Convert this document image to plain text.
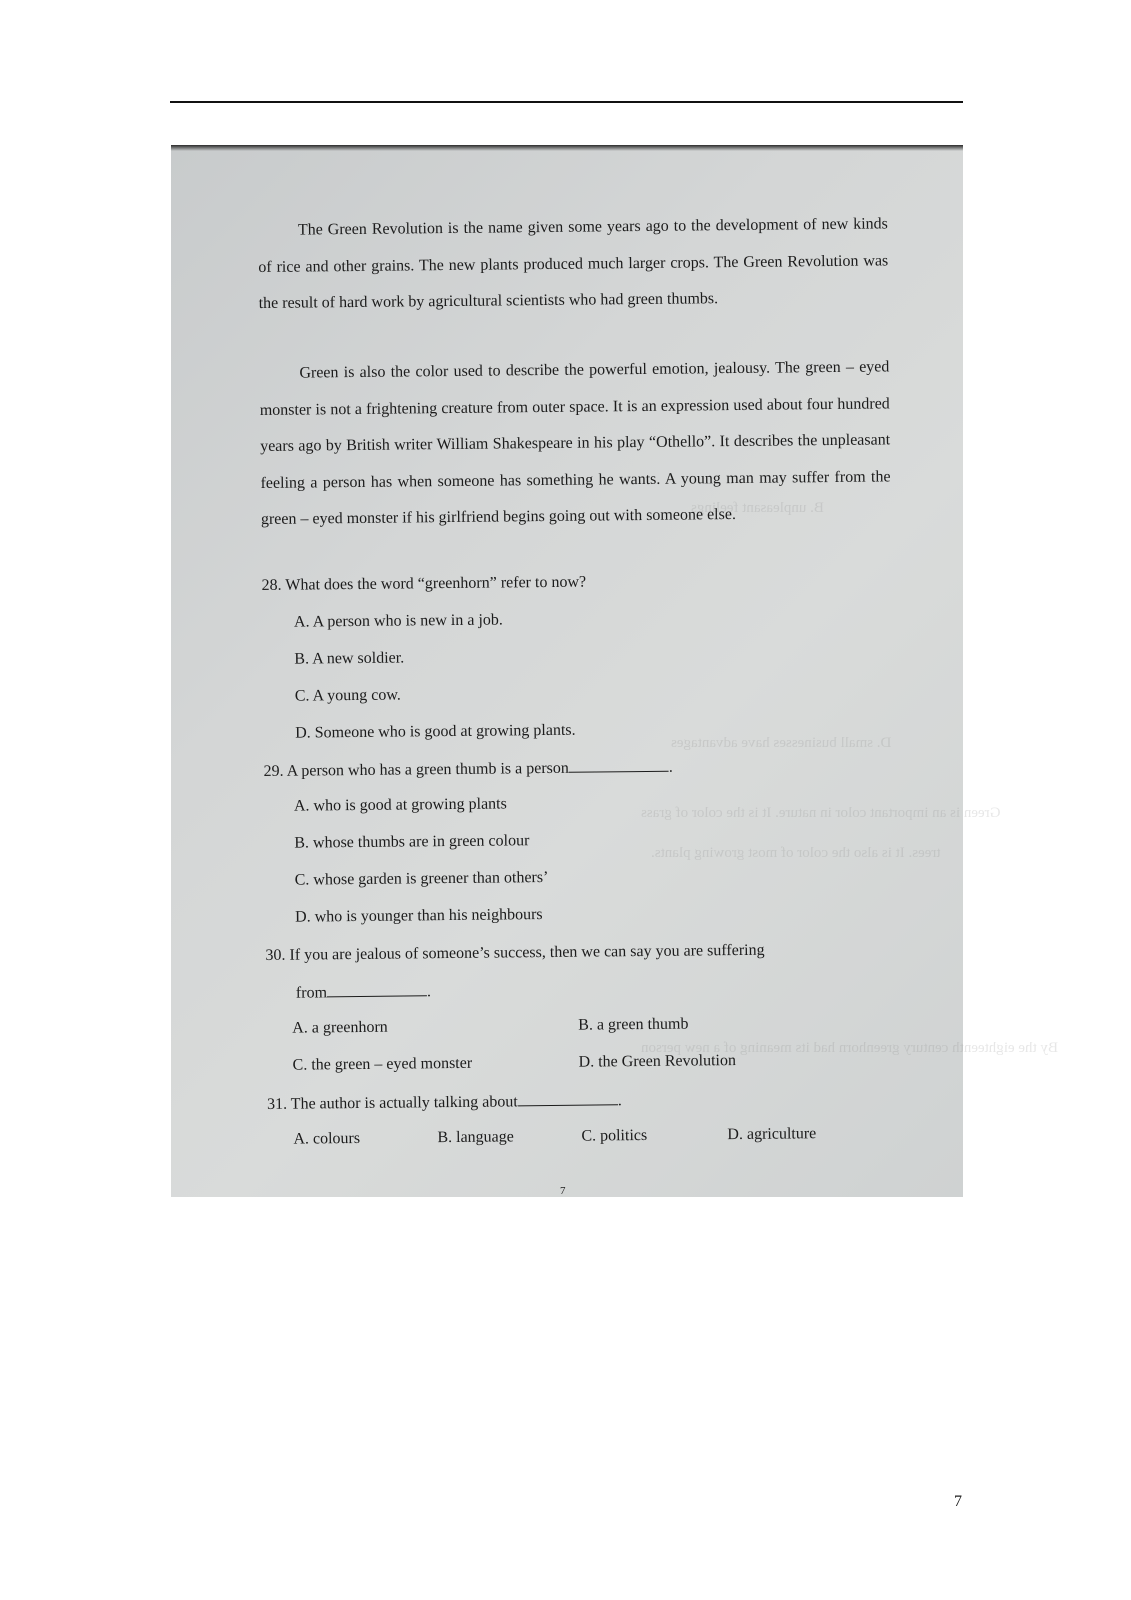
B. unpleasant feelings
D. small businesses have advantages
Green is an important color in nature. It is the color of grass
trees. It is also the color of most growing plants.
By the eighteenth century greenhorn had its meaning of a new person

The Green Revolution is the name given some years ago to the development of new kinds of rice and other grains. The new plants produced much larger crops. The Green Revolution was the result of hard work by agricultural scientists who had green thumbs.

Green is also the color used to describe the powerful emotion, jealousy. The green – eyed monster is not a frightening creature from outer space. It is an expression used about four hundred years ago by British writer William Shakespeare in his play “Othello”. It describes the unpleasant feeling a person has when someone has something he wants. A young man may suffer from the green – eyed monster if his girlfriend begins going out with someone else.

28. What does the word “greenhorn” refer to now?
A. A person who is new in a job.
B. A new soldier.
C. A young cow.
D. Someone who is good at growing plants.
29. A person who has a green thumb is a person	.
A. who is good at growing plants
B. whose thumbs are in green colour
C. whose garden is greener than others’
D. who is younger than his neighbours
30. If you are jealous of someone’s success, then we can say you are suffering
from	.
A. a greenhorn	B. a green thumb
C. the green – eyed monster	D. the Green Revolution
31. The author is actually talking about	.
A. colours	B. language	C. politics	D. agriculture
7
7
